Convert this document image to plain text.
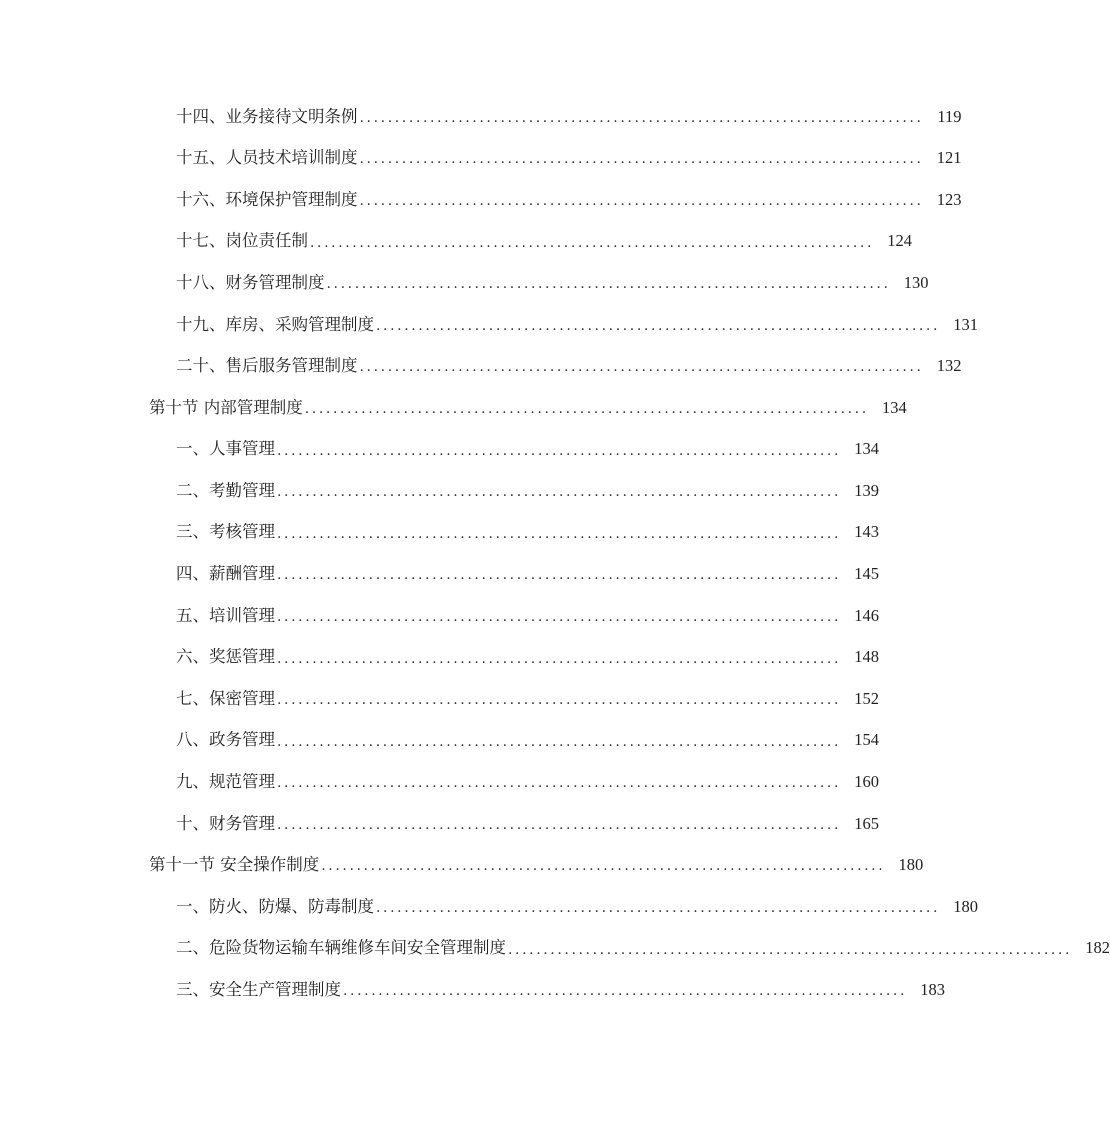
十四、业务接待文明条例 ................................................................................ 119
十五、人员技术培训制度 ................................................................................ 121
十六、环境保护管理制度 ................................................................................ 123
十七、岗位责任制 ................................................................................ 124
十八、财务管理制度 ................................................................................ 130
十九、库房、采购管理制度 ................................................................................ 131
二十、售后服务管理制度 ................................................................................ 132
第十节 内部管理制度 ................................................................................ 134
一、人事管理 ................................................................................ 134
二、考勤管理 ................................................................................ 139
三、考核管理 ................................................................................ 143
四、薪酬管理 ................................................................................ 145
五、培训管理 ................................................................................ 146
六、奖惩管理 ................................................................................ 148
七、保密管理 ................................................................................ 152
八、政务管理 ................................................................................ 154
九、规范管理 ................................................................................ 160
十、财务管理 ................................................................................ 165
第十一节 安全操作制度 ................................................................................ 180
一、防火、防爆、防毒制度 ................................................................................ 180
二、危险货物运输车辆维修车间安全管理制度 ................................................................................ 182
三、安全生产管理制度 ................................................................................ 183
